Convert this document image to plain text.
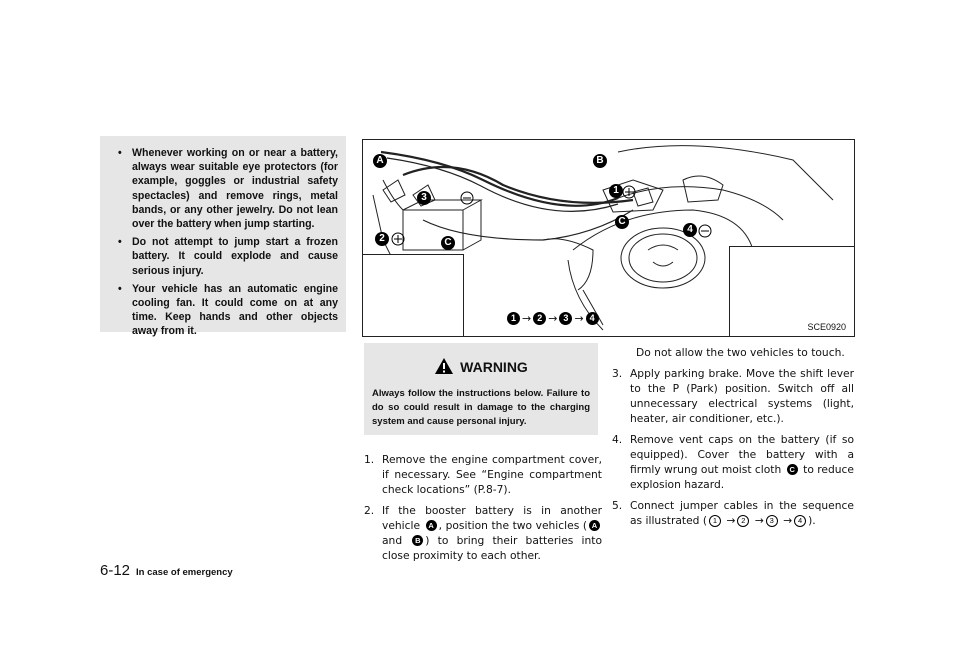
• Whenever working on or near a battery, always wear suitable eye protectors (for example, goggles or industrial safety spectacles) and remove rings, metal bands, or any other jewelry. Do not lean over the battery when jump starting.
• Do not attempt to jump start a frozen battery. It could explode and cause serious injury.
• Your vehicle has an automatic engine cooling fan. It could come on at any time. Keep hands and other objects away from it.
A	B
C
C
2
3
1
4
1 → 2 → 3 → 4
SCE0920
WARNING
Always follow the instructions below. Failure to do so could result in damage to the charging system and cause personal injury.
1. Remove the engine compartment cover, if necessary. See “Engine compartment check locations” (P.8-7).
2. If the booster battery is in another vehicle A , position the two vehicles ( A and B ) to bring their batteries into close proximity to each other.
Do not allow the two vehicles to touch.
3. Apply parking brake. Move the shift lever to the P (Park) position. Switch off all unnecessary electrical systems (light, heater, air conditioner, etc.).
4. Remove vent caps on the battery (if so equipped). Cover the battery with a firmly wrung out moist cloth C to reduce explosion hazard.
5. Connect jumper cables in the sequence as illustrated ( 1 → 2 → 3 → 4 ).
6-12 In case of emergency
